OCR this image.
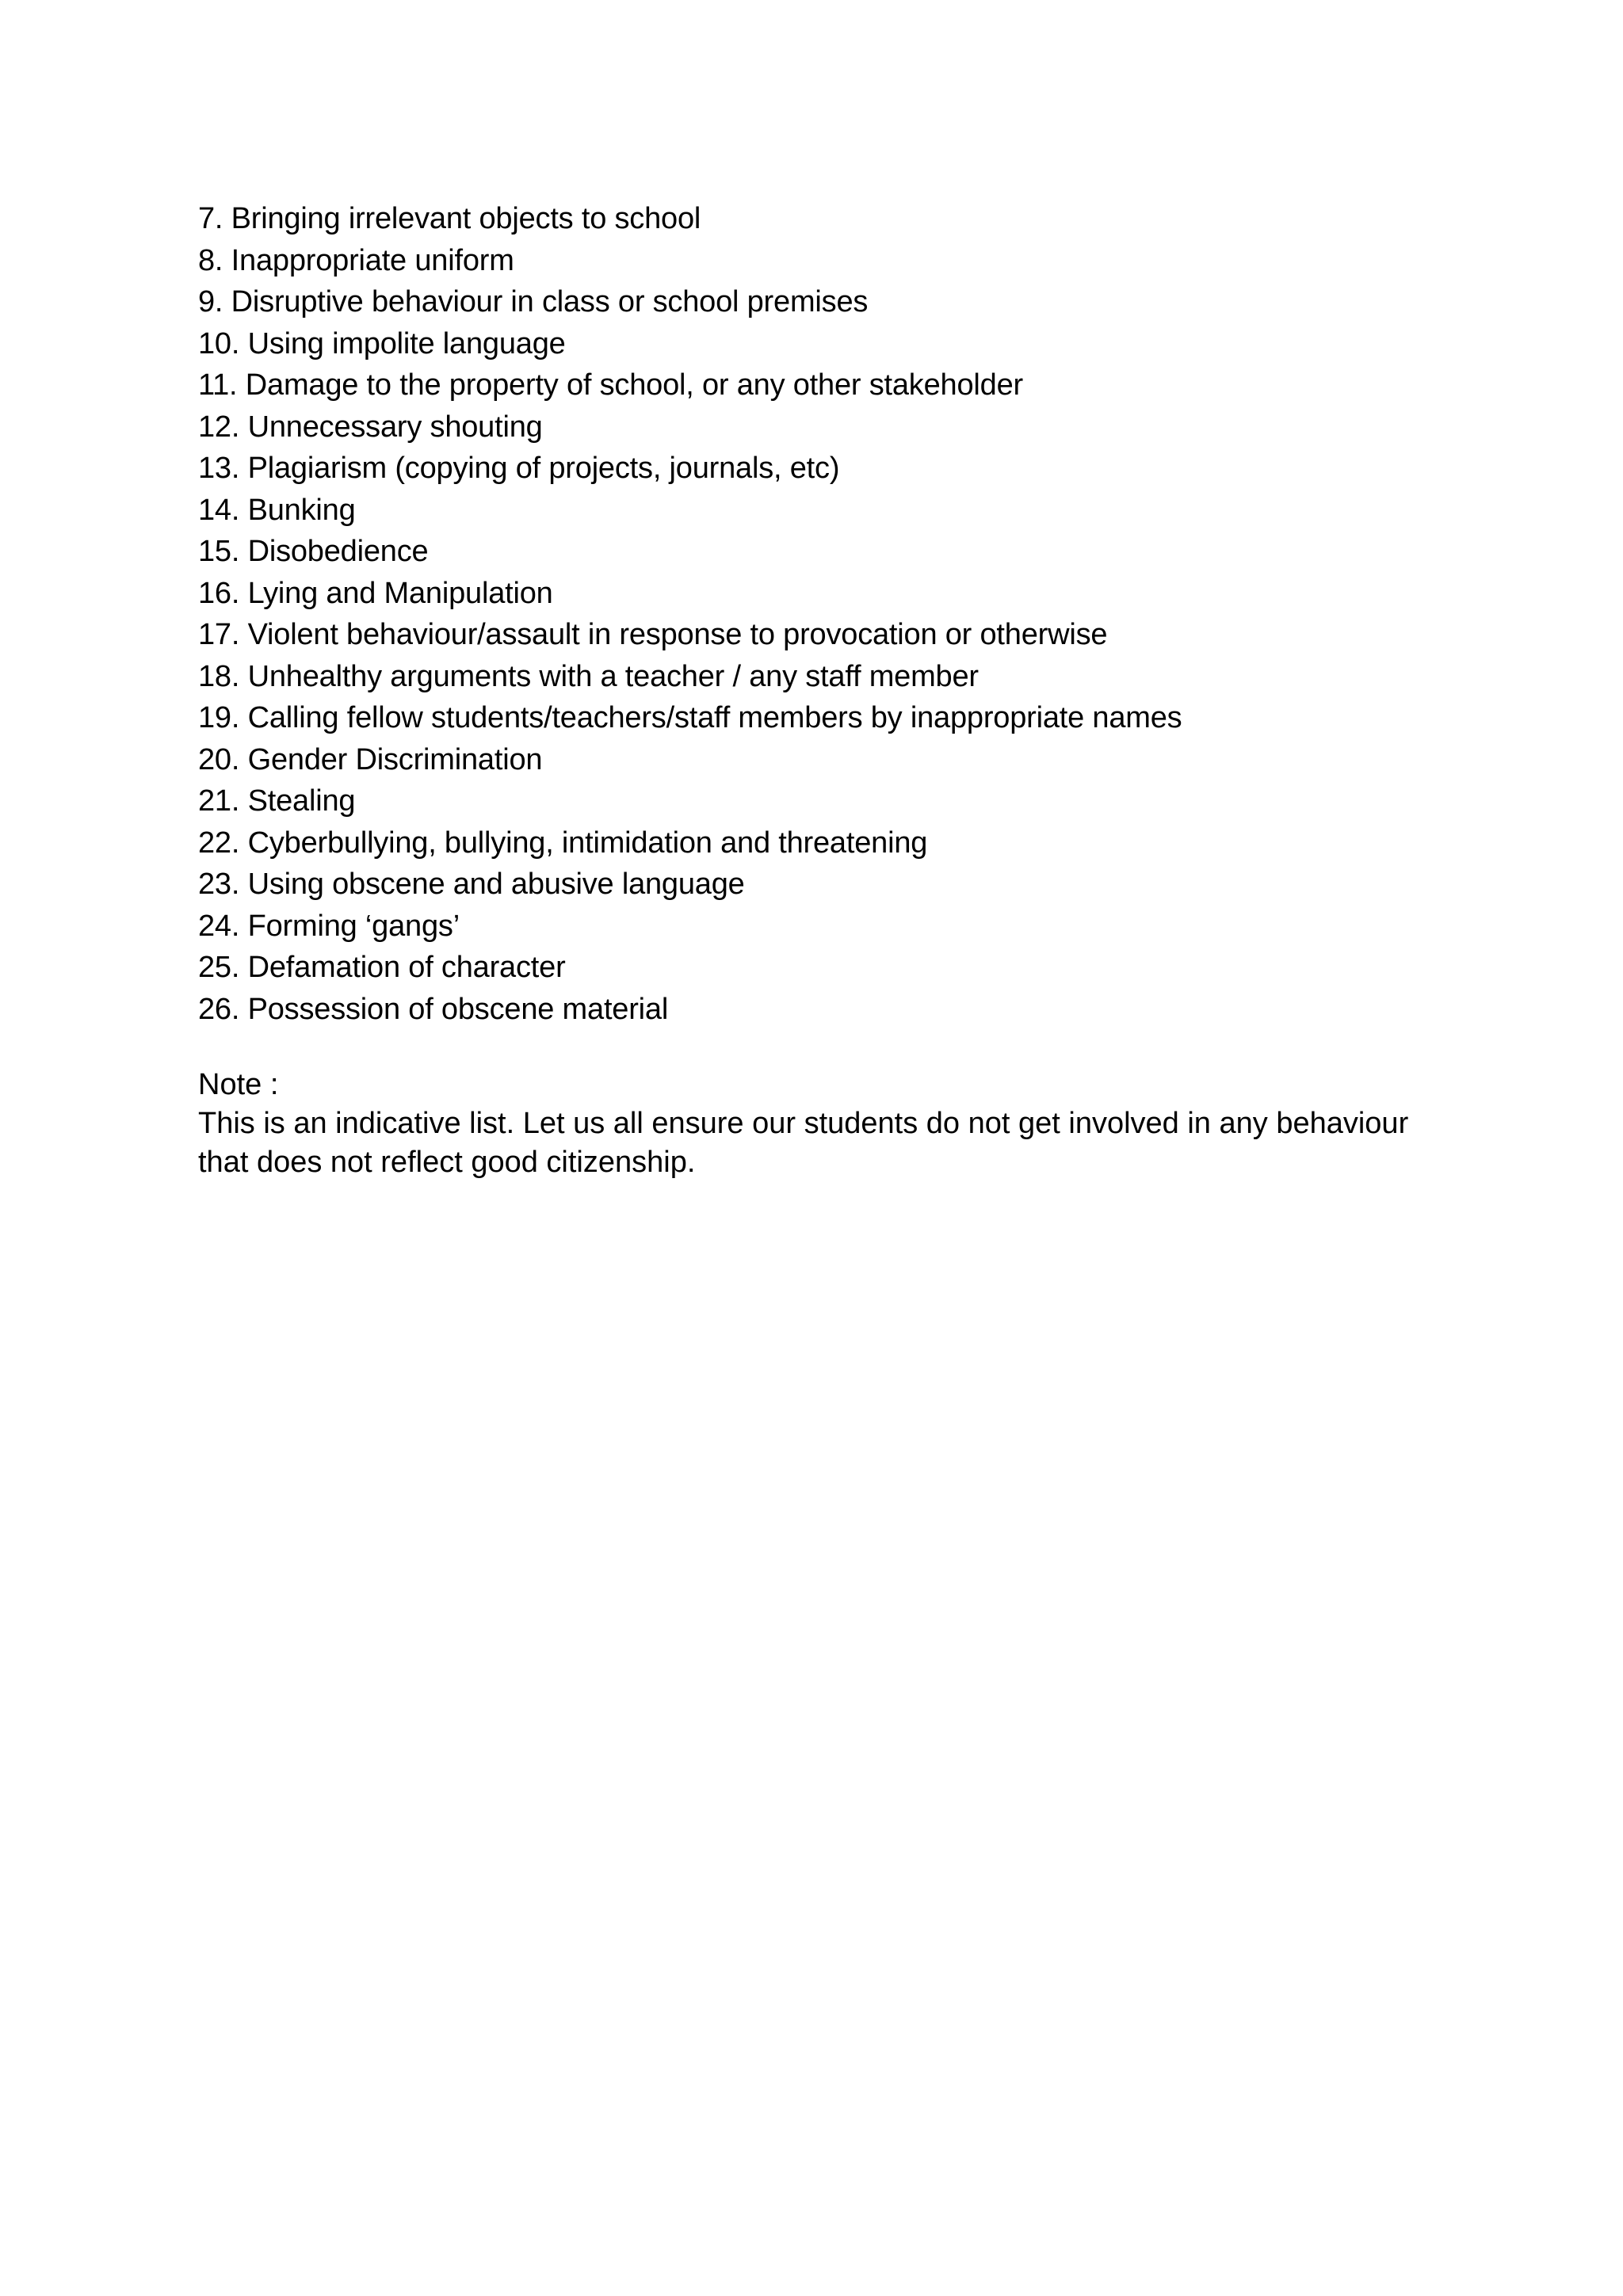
7. Bringing irrelevant objects to school
8. Inappropriate uniform
9. Disruptive behaviour in class or school premises
10. Using impolite language
11. Damage to the property of school, or any other stakeholder
12. Unnecessary shouting
13. Plagiarism (copying of projects, journals, etc)
14. Bunking
15. Disobedience
16. Lying and Manipulation
17. Violent behaviour/assault in response to provocation or otherwise
18. Unhealthy arguments with a teacher / any staff member
19. Calling fellow students/teachers/staff members by inappropriate names
20. Gender Discrimination
21. Stealing
22. Cyberbullying, bullying, intimidation and threatening
23. Using obscene and abusive language
24. Forming ‘gangs’
25. Defamation of character
26. Possession of obscene material
Note :
This is an indicative list. Let us all ensure our students do not get involved in any behaviour that does not reflect good citizenship.
